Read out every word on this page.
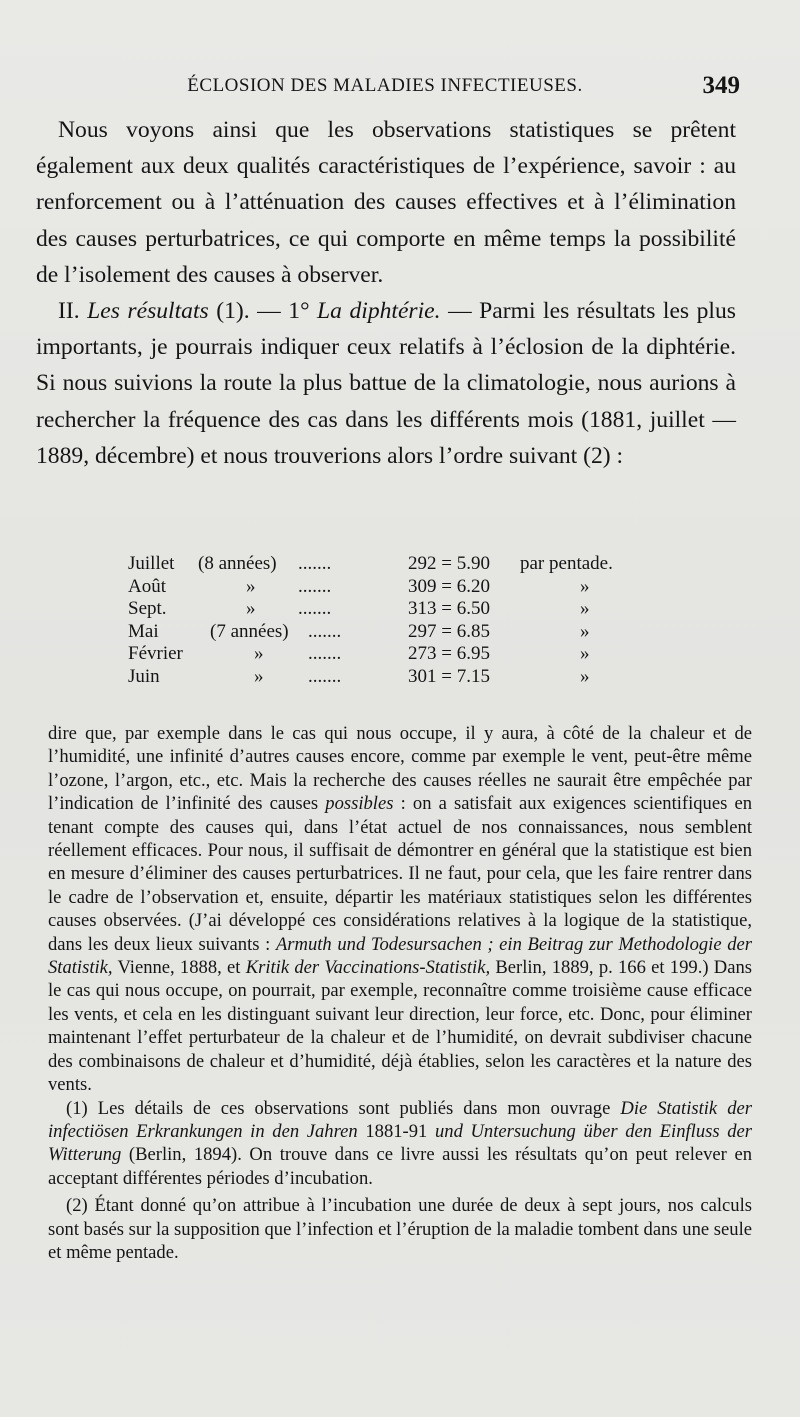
ÉCLOSION DES MALADIES INFECTIEUSES.	349

Nous voyons ainsi que les observations statistiques se prêtent également aux deux qualités caractéristiques de l’expérience, savoir : au renforcement ou à l’atténuation des causes effectives et à l’élimination des causes perturbatrices, ce qui comporte en même temps la possibilité de l’isolement des causes à observer.

II. Les résultats (1). — 1° La diphtérie. — Parmi les résultats les plus importants, je pourrais indiquer ceux relatifs à l’éclosion de la diphtérie. Si nous suivions la route la plus battue de la climatologie, nous aurions à rechercher la fréquence des cas dans les différents mois (1881, juillet — 1889, décembre) et nous trouverions alors l’ordre suivant (2) :

Juillet (8 années) .......	292 = 5.90 par pentade.
Août	» .......	309 = 6.20	»
Sept.	» .......	313 = 6.50	»
Mai	(7 années) .......	297 = 6.85	»
Février	» .......	273 = 6.95	»
Juin	» .......	301 = 7.15	»

dire que, par exemple dans le cas qui nous occupe, il y aura, à côté de la chaleur et de l’humidité, une infinité d’autres causes encore, comme par exemple le vent, peut-être même l’ozone, l’argon, etc., etc. Mais la recherche des causes réelles ne saurait être empêchée par l’indication de l’infinité des causes possibles : on a satisfait aux exigences scientifiques en tenant compte des causes qui, dans l’état actuel de nos connaissances, nous semblent réellement efficaces. Pour nous, il suffisait de démontrer en général que la statistique est bien en mesure d’éliminer des causes perturbatrices. Il ne faut, pour cela, que les faire rentrer dans le cadre de l’observation et, ensuite, départir les matériaux statistiques selon les différentes causes observées. (J’ai développé ces considérations relatives à la logique de la statistique, dans les deux lieux suivants : Armuth und Todesursachen ; ein Beitrag zur Methodologie der Statistik, Vienne, 1888, et Kritik der Vaccinations-Statistik, Berlin, 1889, p. 166 et 199.) Dans le cas qui nous occupe, on pourrait, par exemple, reconnaître comme troisième cause efficace les vents, et cela en les distinguant suivant leur direction, leur force, etc. Donc, pour éliminer maintenant l’effet perturbateur de la chaleur et de l’humidité, on devrait subdiviser chacune des combinaisons de chaleur et d’humidité, déjà établies, selon les caractères et la nature des vents.

(1) Les détails de ces observations sont publiés dans mon ouvrage Die Statistik der infectiösen Erkrankungen in den Jahren 1881-91 und Untersuchung über den Einfluss der Witterung (Berlin, 1894). On trouve dans ce livre aussi les résultats qu’on peut relever en acceptant différentes périodes d’incubation.

(2) Étant donné qu’on attribue à l’incubation une durée de deux à sept jours, nos calculs sont basés sur la supposition que l’infection et l’éruption de la maladie tombent dans une seule et même pentade.
